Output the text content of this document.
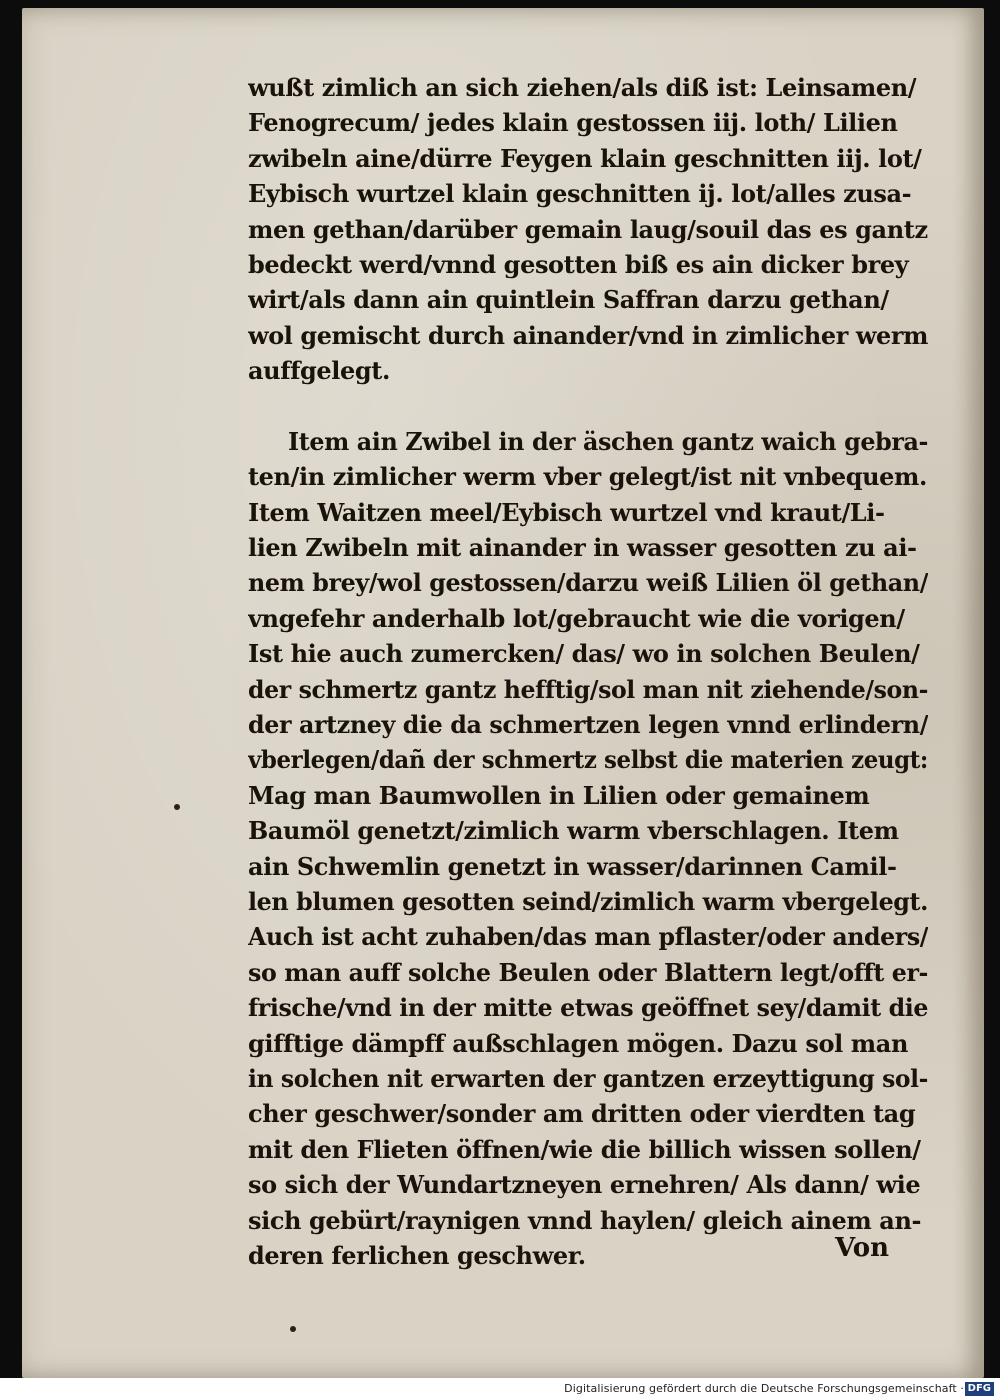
wußt zimlich an sich ziehen/als diß ist: Leinsamen/
Fenogrecum/ jedes klain gestossen iij. loth/ Lilien
zwibeln aine/dürre Feygen klain geschnitten iij. lot/
Eybisch wurtzel klain geschnitten ij. lot/alles zusa-
men gethan/darüber gemain laug/souil das es gantz
bedeckt werd/vnnd gesotten biß es ain dicker brey
wirt/als dann ain quintlein Saffran darzu gethan/
wol gemischt durch ainander/vnd in zimlicher werm
auffgelegt.
Item ain Zwibel in der äschen gantz waich gebra-
ten/in zimlicher werm vber gelegt/ist nit vnbequem.
Item Waitzen meel/Eybisch wurtzel vnd kraut/Li-
lien Zwibeln mit ainander in wasser gesotten zu ai-
nem brey/wol gestossen/darzu weiß Lilien öl gethan/
vngefehr anderhalb lot/gebraucht wie die vorigen/
Ist hie auch zumercken/ das/ wo in solchen Beulen/
der schmertz gantz hefftig/sol man nit ziehende/son-
der artzney die da schmertzen legen vnnd erlindern/
vberlegen/dañ der schmertz selbst die materien zeugt:
Mag man Baumwollen in Lilien oder gemainem
Baumöl genetzt/zimlich warm vberschlagen. Item
ain Schwemlin genetzt in wasser/darinnen Camil-
len blumen gesotten seind/zimlich warm vbergelegt.
Auch ist acht zuhaben/das man pflaster/oder anders/
so man auff solche Beulen oder Blattern legt/offt er-
frische/vnd in der mitte etwas geöffnet sey/damit die
gifftige dämpff außschlagen mögen. Dazu sol man
in solchen nit erwarten der gantzen erzeyttigung sol-
cher geschwer/sonder am dritten oder vierdten tag
mit den Flieten öffnen/wie die billich wissen sollen/
so sich der Wundartzneyen ernehren/ Als dann/ wie
sich gebürt/raynigen vnnd haylen/ gleich ainem an-
deren ferlichen geschwer.	Von
Digitalisierung gefördert durch die Deutsche Forschungsgemeinschaft · DFG
